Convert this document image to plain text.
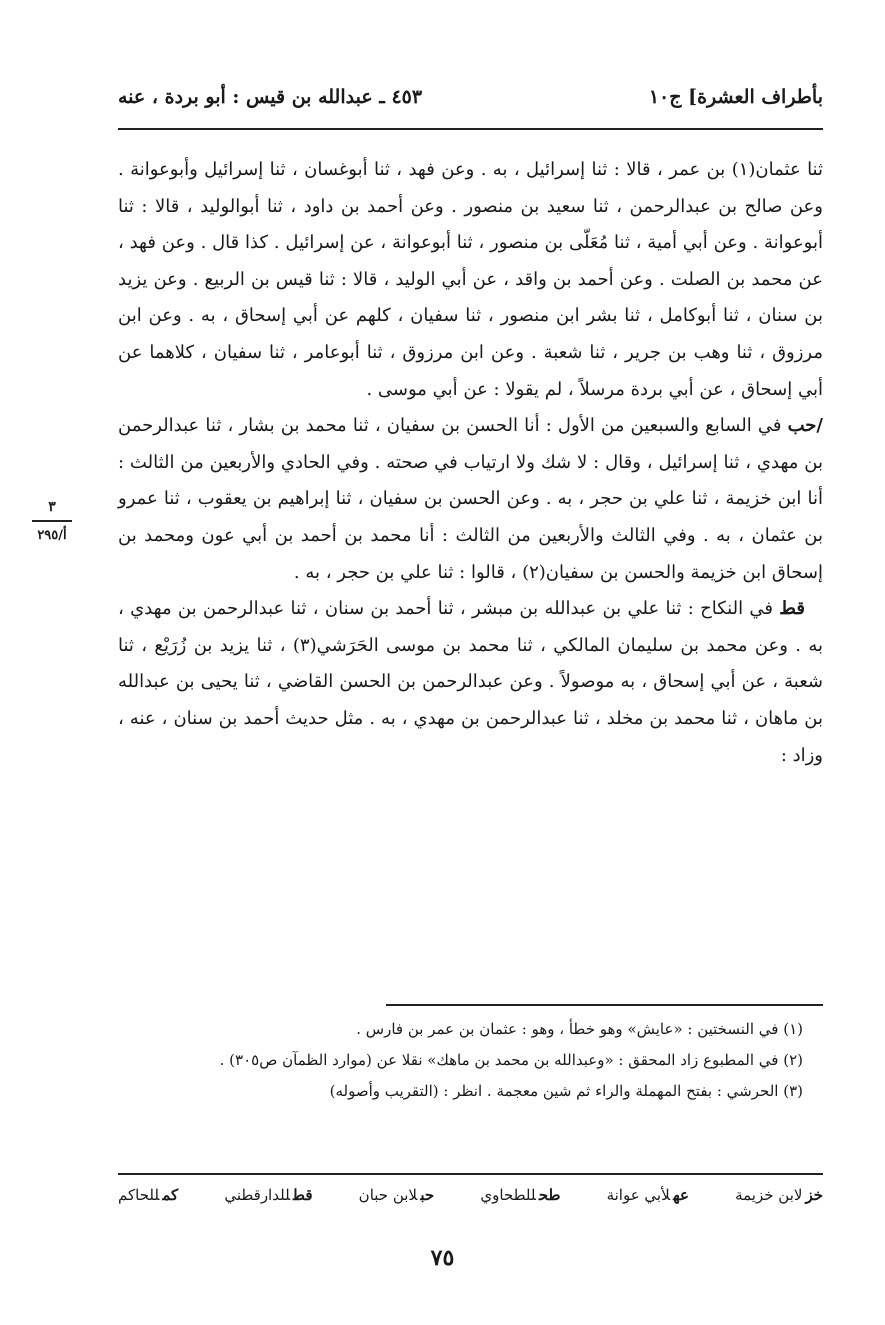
بأطراف العشرة] ج١٠
٤٥٣ ـ عبدالله بن قيس : أبو بردة ، عنه

ثنا عثمان(١) بن عمر ، قالا : ثنا إسرائيل ، به . وعن فهد ، ثنا أبوغسان ، ثنا إسرائيل وأبوعوانة . وعن صالح بن عبدالرحمن ، ثنا سعيد بن منصور . وعن أحمد بن داود ، ثنا أبوالوليد ، قالا : ثنا أبوعوانة . وعن أبي أمية ، ثنا مُعَلّى بن منصور ، ثنا أبوعوانة ، عن إسرائيل . كذا قال . وعن فهد ، عن محمد بن الصلت . وعن أحمد بن واقد ، عن أبي الوليد ، قالا : ثنا قيس بن الربيع . وعن يزيد بن سنان ، ثنا أبوكامل ، ثنا بشر ابن منصور ، ثنا سفيان ، كلهم عن أبي إسحاق ، به . وعن ابن مرزوق ، ثنا وهب بن جرير ، ثنا شعبة . وعن ابن مرزوق ، ثنا أبوعامر ، ثنا سفيان ، كلاهما عن أبي إسحاق ، عن أبي بردة مرسلاً ، لم يقولا : عن أبي موسى .

/حب في السابع والسبعين من الأول : أنا الحسن بن سفيان ، ثنا محمد بن بشار ، ثنا عبدالرحمن بن مهدي ، ثنا إسرائيل ، وقال : لا شك ولا ارتياب في صحته . وفي الحادي والأربعين من الثالث : أنا ابن خزيمة ، ثنا علي بن حجر ، به . وعن الحسن بن سفيان ، ثنا إبراهيم بن يعقوب ، ثنا عمرو بن عثمان ، به . وفي الثالث والأربعين من الثالث : أنا محمد بن أحمد بن أبي عون ومحمد بن إسحاق ابن خزيمة والحسن بن سفيان(٢) ، قالوا : ثنا علي بن حجر ، به .

قط في النكاح : ثنا علي بن عبدالله بن مبشر ، ثنا أحمد بن سنان ، ثنا عبدالرحمن بن مهدي ، به . وعن محمد بن سليمان المالكي ، ثنا محمد بن موسى الحَرَشي(٣) ، ثنا يزيد بن زُرَيْع ، ثنا شعبة ، عن أبي إسحاق ، به موصولاً . وعن عبدالرحمن بن الحسن القاضي ، ثنا يحيى بن عبدالله بن ماهان ، ثنا محمد بن مخلد ، ثنا عبدالرحمن بن مهدي ، به . مثل حديث أحمد بن سنان ، عنه ، وزاد :

٣
أ/٢٩٥

(١) في النسختين : «عايش» وهو خطأ ، وهو : عثمان بن عمر بن فارس .

(٢) في المطبوع زاد المحقق : «وعبدالله بن محمد بن ماهك» نقلا عن (موارد الظمآن ص٣٠٥) .

(٣) الحرشي : بفتح المهملة والراء ثم شين معجمة . انظر : (التقريب وأصوله)

خزلابن خزيمة
عهلأبي عوانة
طحللطحاوي
حبلابن حبان
قطللدارقطني
كمللحاكم
٧٥
